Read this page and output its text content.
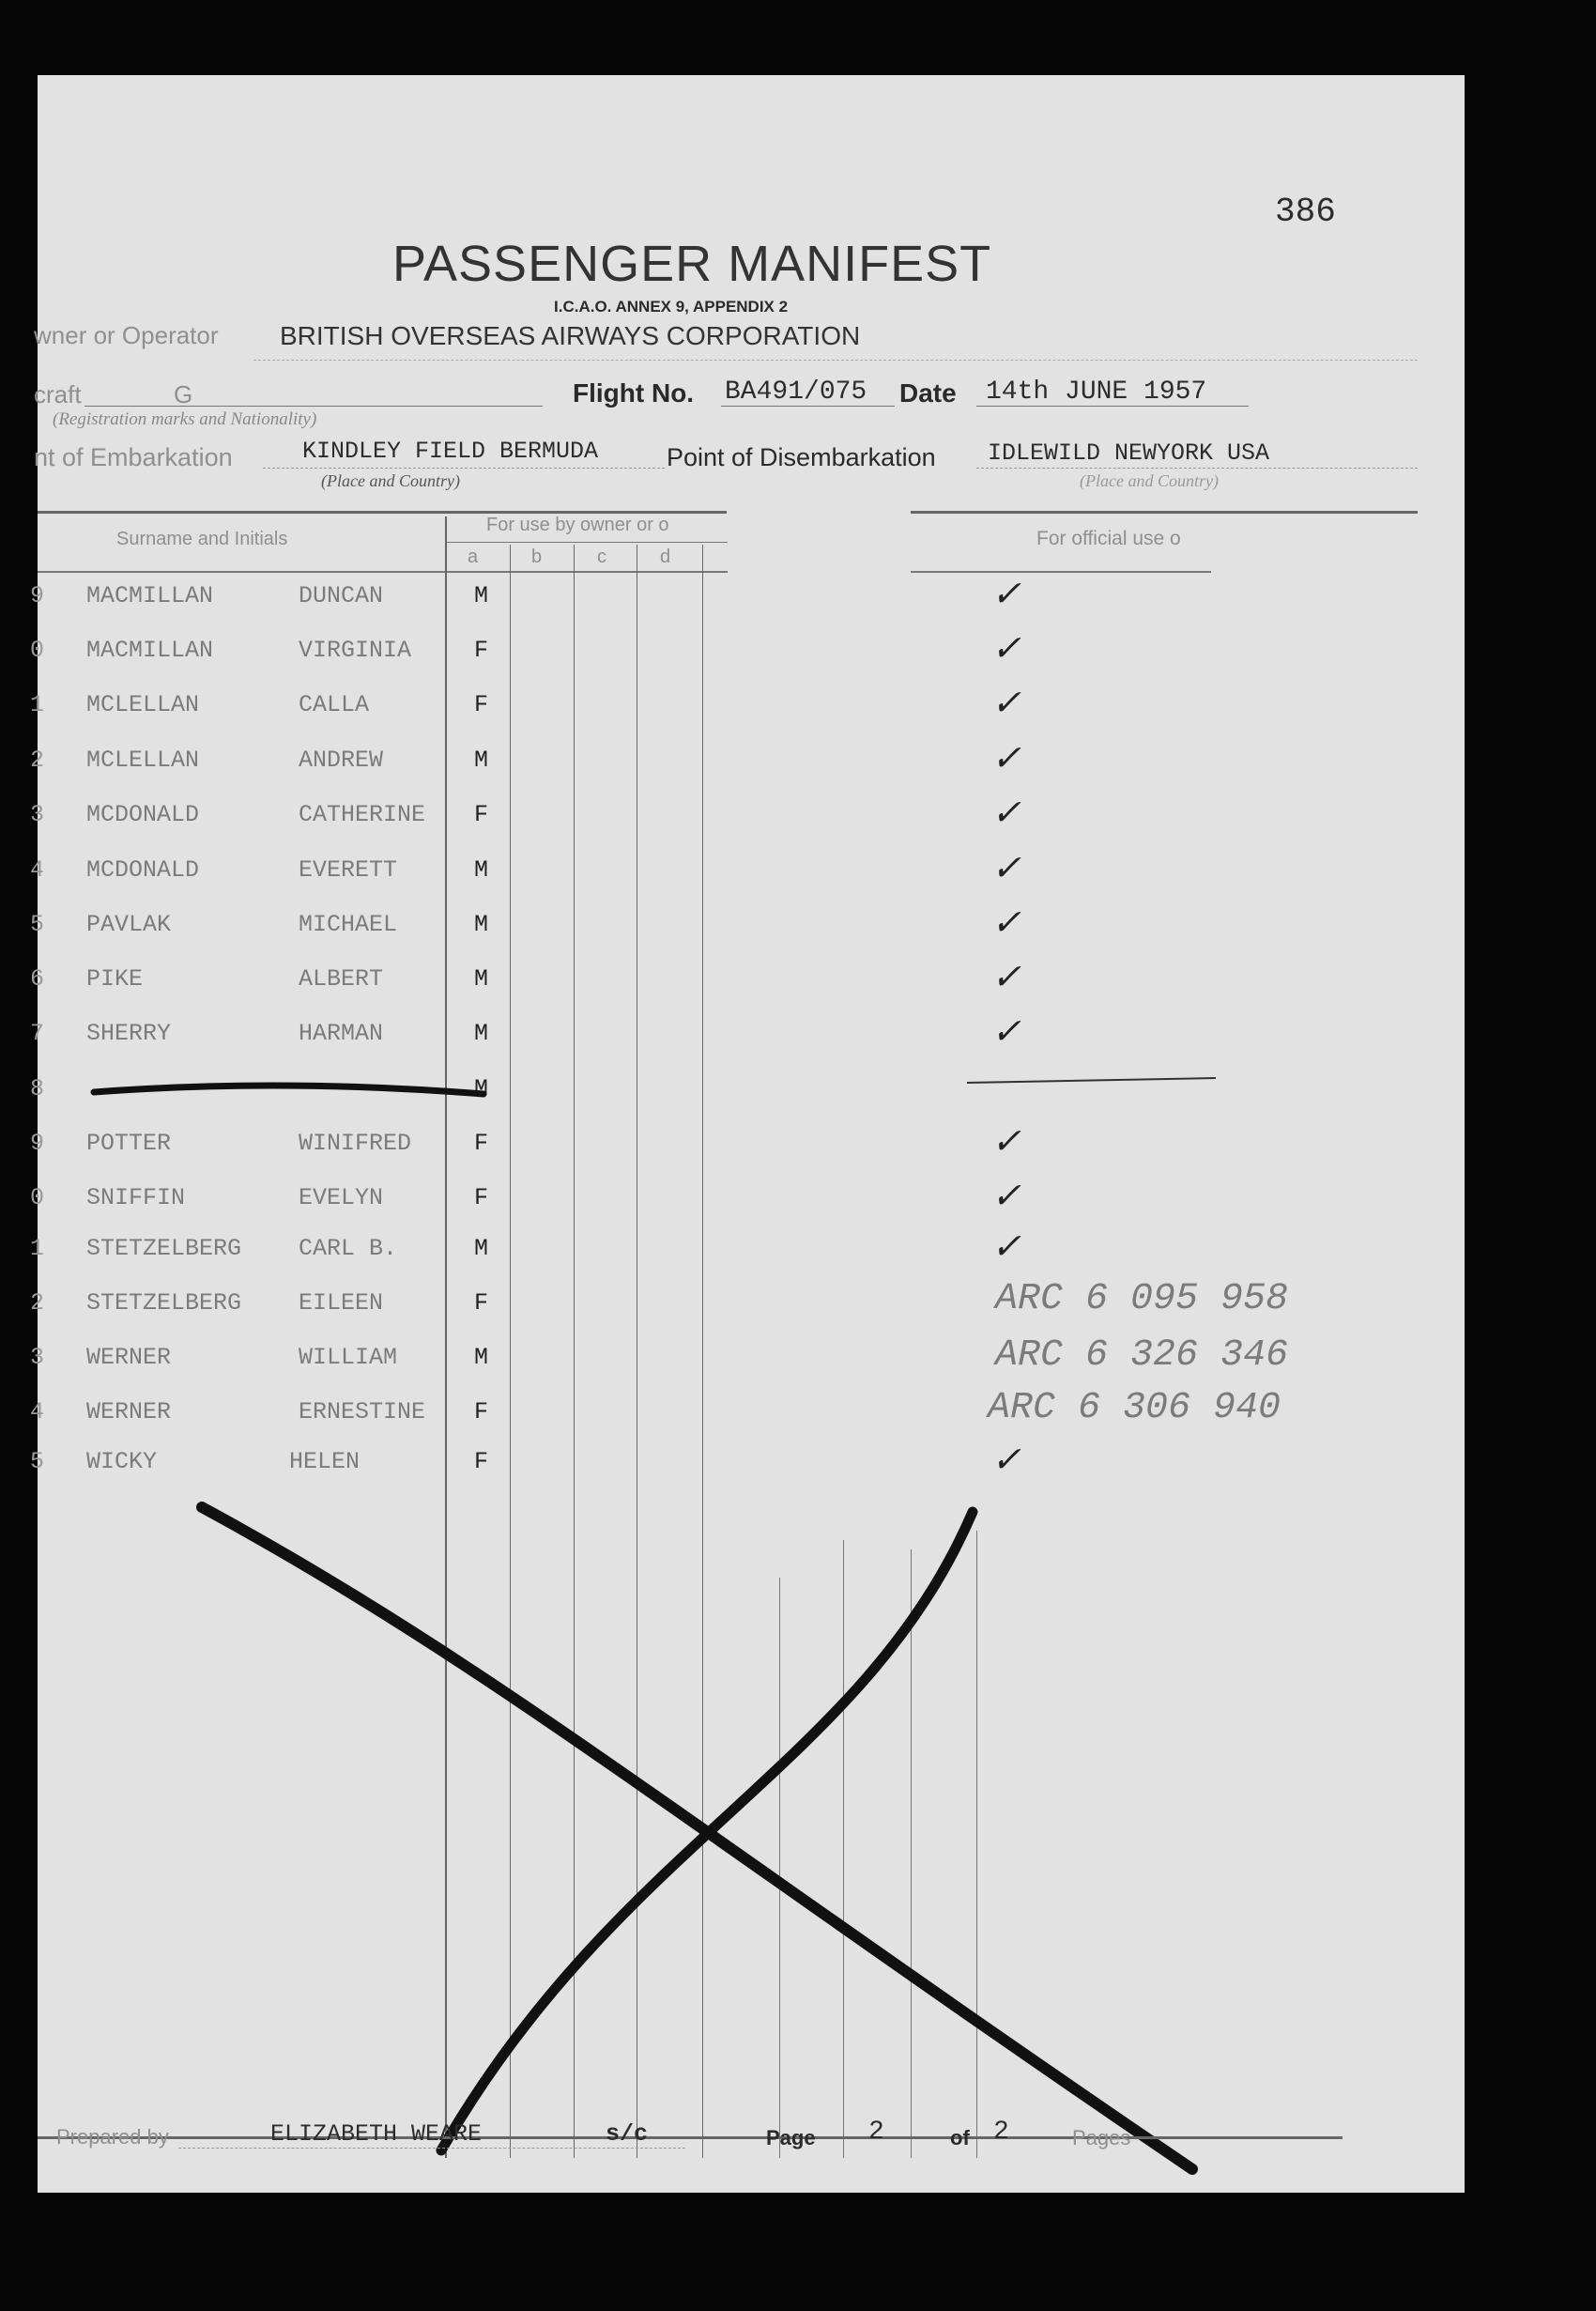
386
PASSENGER MANIFEST
I.C.A.O. ANNEX 9, APPENDIX 2
wner or Operator BRITISH OVERSEAS AIRWAYS CORPORATION
craft	G
(Registration marks and Nationality)
Flight No. BA491/075 Date 14th JUNE 1957
nt of Embarkation	KINDLEY FIELD BERMUDA
(Place and Country)
Point of Disembarkation IDLEWILD NEWYORK USA
(Place and Country)
Surname and Initials
For use by owner or o
a	b	c	d
For official use o
9 MACMILLAN	DUNCAN	M	✓
0 MACMILLAN	VIRGINIA	F	✓
1 MCLELLAN	CALLA	F	✓
2 MCLELLAN	ANDREW	M	✓
3 MCDONALD	CATHERINE F	✓
4 MCDONALD	EVERETT	M	✓
5 PAVLAK	MICHAEL	M	✓
6 PIKE	ALBERT	M	✓
7 SHERRY	HARMAN	M	✓
8	M
9 POTTER	WINIFRED	F	✓
0 SNIFFIN	EVELYN	F	✓
1 STETZELBERG CARL B.	M	✓
2 STETZELBERG EILEEN	F	ARC 6 095 958
3 WERNER	WILLIAM	M	ARC 6 326 346
4 WERNER	ERNESTINE F	ARC 6 306 940
5 WICKY	HELEN	F	✓
Prepared by	ELIZABETH WEARE	s/c	Page 2	of 2	Pages
